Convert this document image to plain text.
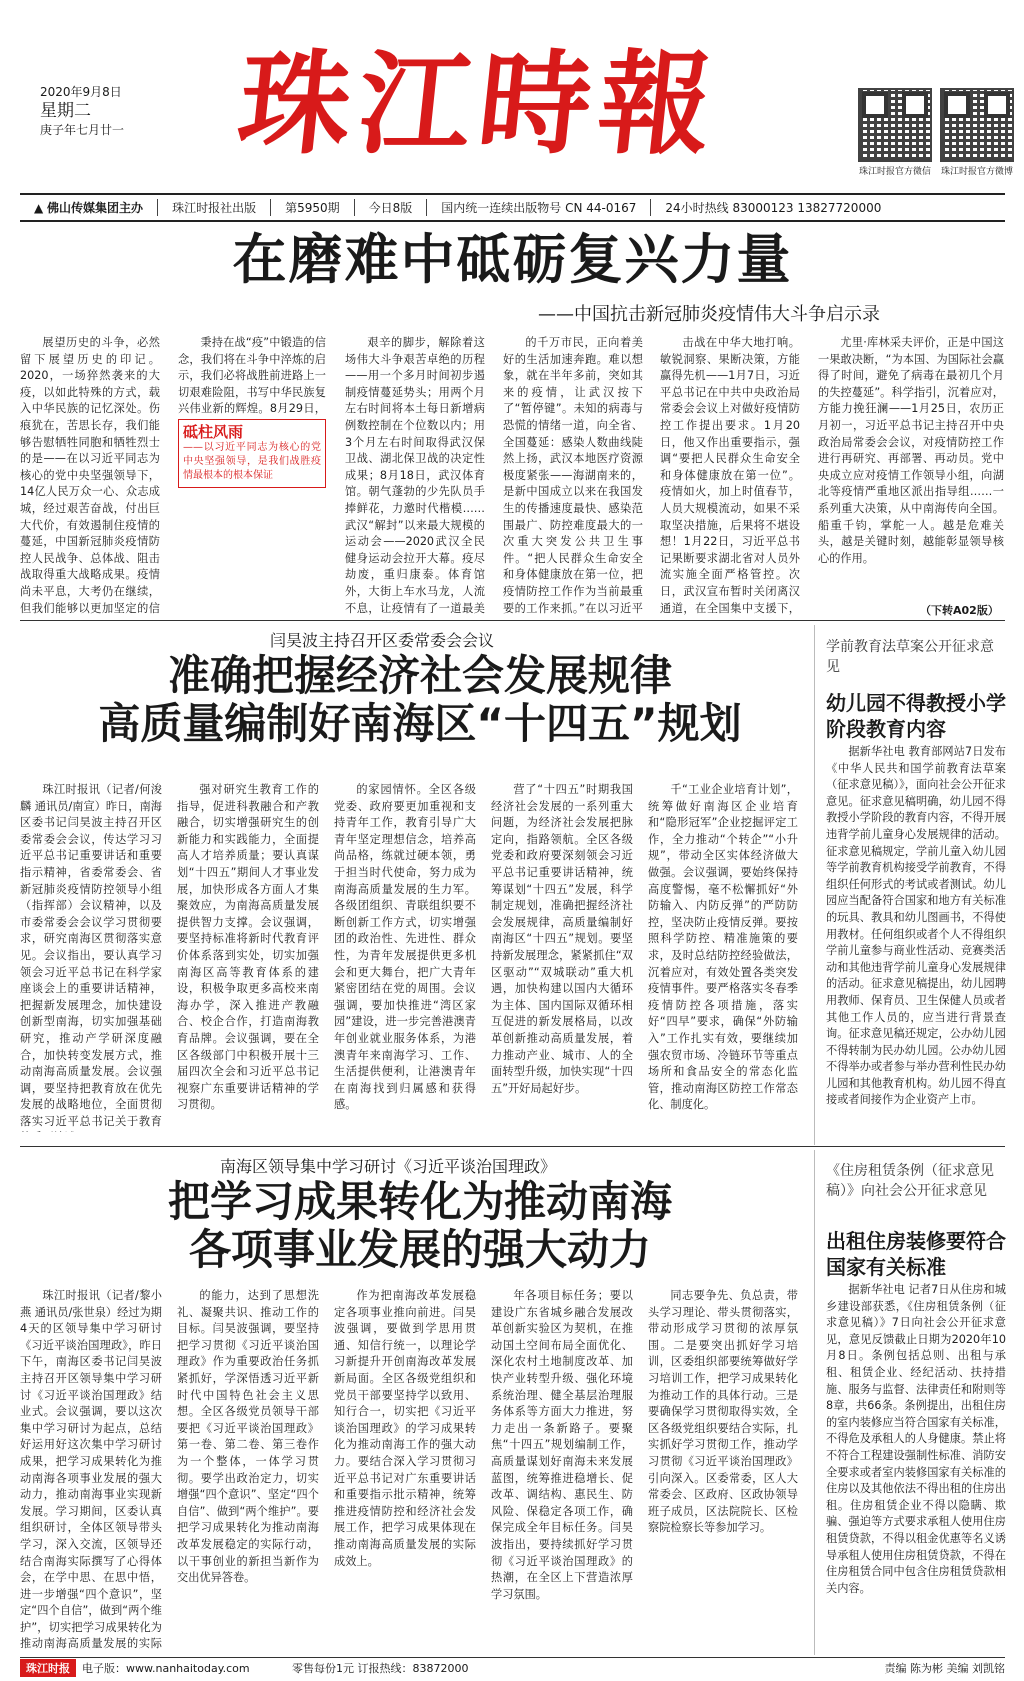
2020年9月8日
星期二
庚子年七月廿一 珠江時報
珠江时报官方微信	珠江时报官方微博
▲ 佛山传媒集团主办	珠江时报社出版	第5950期	今日8版	国内统一连续出版物号 CN 44-0167	24小时热线 83000123 13827720000
在磨难中砥砺复兴力量
——中国抗击新冠肺炎疫情伟大斗争启示录

展望历史的斗争，必然留下展望历史的印记。2020，一场猝然袭来的大疫，以如此特殊的方式，载入中华民族的记忆深处。伤痕犹在，苦思长存，我们能够告慰牺牲同胞和牺牲烈士的是——在以习近平同志为核心的党中央坚强领导下，14亿人民万众一心、众志成城，经过艰苦奋战，付出巨大代价，有效遏制住疫情的蔓延，中国新冠肺炎疫情防控人民战争、总体战、阻击战取得重大战略成果。疫情尚未平息，大考仍在继续，但我们能够以更加坚定的信

秉持在战“疫”中锻造的信念，我们将在斗争中淬炼的启示，我们必将战胜前进路上一切艰难险阻，书写中华民族复兴伟业新的辉煌。8月29日，

砥柱风雨
——以习近平同志为核心的党中央坚强领导，是我们战胜疫情最根本的根本保证

艰辛的脚步，解除着这场伟大斗争艰苦卓绝的历程——用一个多月时间初步遏制疫情蔓延势头；用两个月左右时间将本土每日新增病例数控制在个位数以内；用3个月左右时间取得武汉保卫战、湖北保卫战的决定性成果；8月18日，武汉体育馆。朝气蓬勃的少先队员手捧鲜花，力邀时代楷模……武汉“解封”以来最大规模的运动会——2020武汉全民健身运动会拉开大幕。疫尽劫废，重归康泰。体育馆外，大街上车水马龙，人流不息，让疫情有了一道最美

的千万市民，正向着美好的生活加速奔跑。难以想象，就在半年多前，突如其来的疫情，让武汉按下了“暂停键”。未知的病毒与恐慌的情绪一道，向全省、全国蔓延：感染人数曲线陡然上扬，武汉本地医疗资源极度紧张——海湖南来的，是新中国成立以来在我国发生的传播速度最快、感染范围最广、防控难度最大的一次重大突发公共卫生事件。“把人民群众生命安全和身体健康放在第一位，把疫情防控工作作为当前最重要的工作来抓。”在以习近平

击战在中华大地打响。敏锐洞察、果断决策，方能赢得先机——1月7日，习近平总书记在中共中央政治局常委会会议上对做好疫情防控工作提出要求。1月20日，他又作出重要指示，强调“要把人民群众生命安全和身体健康放在第一位”。疫情如火，加上时值春节，人员大规模流动，如果不采取坚决措施，后果将不堪设想！1月22日，习近平总书记果断要求湖北省对人员外流实施全面严格管控。次日，武汉宣布暂时关闭离汉通道，在全国集中支援下，

尤里·库林采夫评价，正是中国这一果敢决断，“为本国、为国际社会赢得了时间，避免了病毒在最初几个月的失控蔓延”。科学指引，沉着应对，方能力挽狂澜——1月25日，农历正月初一，习近平总书记主持召开中央政治局常委会会议，对疫情防控工作进行再研究、再部署、再动员。党中央成立应对疫情工作领导小组，向湖北等疫情严重地区派出指导组……一系列重大决策，从中南海传向全国。船重千钧，掌舵一人。越是危难关头，越是关键时刻，越能彰显领导核心的作用。

（下转A02版）
闫昊波主持召开区委常委会会议
准确把握经济社会发展规律
高质量编制好南海区“十四五”规划

珠江时报讯（记者/何浚麟 通讯员/南宣）昨日，南海区委书记闫昊波主持召开区委常委会会议，传达学习习近平总书记重要讲话和重要指示精神，省委常委会、省新冠肺炎疫情防控领导小组（指挥部）会议精神，以及市委常委会会议学习贯彻要求，研究南海区贯彻落实意见。会议指出，要认真学习领会习近平总书记在科学家座谈会上的重要讲话精神，把握新发展理念，加快建设创新型南海，切实加强基础研究，推动产学研深度融合，加快转变发展方式，推动南海高质量发展。会议强调，要坚持把教育放在优先发展的战略地位，全面贯彻落实习近平总书记关于教育

强对研究生教育工作的指导，促进科教融合和产教融合，切实增强研究生的创新能力和实践能力，全面提高人才培养质量；要认真谋划“十四五”期间人才事业发展，加快形成各方面人才集聚效应，为南海高质量发展提供智力支撑。会议强调，要坚持标准将新时代教育评价体系落到实处，切实加强南海区高等教育体系的建设，积极争取更多高校来南海办学，深入推进产教融合、校企合作，打造南海教育品牌。会议强调，要在全区各级部门中积极开展十三届四次全会和习近平总书记视察广东重要讲话精神的学习贯彻。

的家园情怀。全区各级党委、政府要更加重视和支持青年工作，教育引导广大青年坚定理想信念，培养高尚品格，练就过硬本领，勇于担当时代使命，努力成为南海高质量发展的生力军。各级团组织、青联组织要不断创新工作方式，切实增强团的政治性、先进性、群众性，为青年发展提供更多机会和更大舞台，把广大青年紧密团结在党的周围。会议强调，要加快推进“湾区家园”建设，进一步完善港澳青年创业就业服务体系，为港澳青年来南海学习、工作、生活提供便利，让港澳青年在南海找到归属感和获得感。

营了“十四五”时期我国经济社会发展的一系列重大问题，为经济社会发展把脉定向，指路领航。全区各级党委和政府要深刻领会习近平总书记重要讲话精神，统筹谋划“十四五”发展，科学制定规划，准确把握经济社会发展规律，高质量编制好南海区“十四五”规划。要坚持新发展理念，紧紧抓住“双区驱动”“双城联动”重大机遇，加快构建以国内大循环为主体、国内国际双循环相互促进的新发展格局，以改革创新推动高质量发展，着力推动产业、城市、人的全面转型升级，加快实现“十四五”开好局起好步。

千“工业企业培育计划”，统筹做好南海区企业培育和“隐形冠军”企业挖掘评定工作，全力推动“个转企”“小升规”，带动全区实体经济做大做强。会议强调，要始终保持高度警惕，毫不松懈抓好“外防输入、内防反弹”的严防防控，坚决防止疫情反弹。要按照科学防控、精准施策的要求，及时总结防控经验做法，沉着应对，有效处置各类突发疫情事件。要严格落实冬春季疫情防控各项措施，落实好“四早”要求，确保“外防输入”工作扎实有效，要继续加强农贸市场、冷链环节等重点场所和食品安全的常态化监管，推动南海区防控工作常态化、制度化。

学前教育法草案公开征求意见
幼儿园不得教授小学阶段教育内容

据新华社电 教育部网站7日发布《中华人民共和国学前教育法草案（征求意见稿）》，面向社会公开征求意见。征求意见稿明确，幼儿园不得教授小学阶段的教育内容，不得开展违背学前儿童身心发展规律的活动。征求意见稿规定，学前儿童入幼儿园等学前教育机构接受学前教育，不得组织任何形式的考试或者测试。幼儿园应当配备符合国家和地方有关标准的玩具、教具和幼儿图画书，不得使用教材。任何组织或者个人不得组织学前儿童参与商业性活动、竞赛类活动和其他违背学前儿童身心发展规律的活动。征求意见稿提出，幼儿园聘用教师、保育员、卫生保健人员或者其他工作人员的，应当进行背景查询。征求意见稿还规定，公办幼儿园不得转制为民办幼儿园。公办幼儿园不得举办或者参与举办营利性民办幼儿园和其他教育机构。幼儿园不得直接或者间接作为企业资产上市。

南海区领导集中学习研讨《习近平谈治国理政》
把学习成果转化为推动南海
各项事业发展的强大动力

珠江时报讯（记者/黎小燕 通讯员/张世泉）经过为期4天的区领导集中学习研讨《习近平谈治国理政》，昨日下午，南海区委书记闫昊波主持召开区领导集中学习研讨《习近平谈治国理政》结业式。会议强调，要以这次集中学习研讨为起点，总结好运用好这次集中学习研讨成果，把学习成果转化为推动南海各项事业发展的强大动力，推动南海事业实现新发展。学习期间，区委认真组织研讨，全体区领导带头学习，深入交流，区领导还结合南海实际撰写了心得体会，在学中思、在思中悟，进一步增强“四个意识”，坚定“四个自信”，做到“两个维护”，切实把学习成果转化为推动南海高质量发展的实际

的能力，达到了思想洗礼、凝聚共识、推动工作的目标。闫昊波强调，要坚持把学习贯彻《习近平谈治国理政》作为重要政治任务抓紧抓好，学深悟透习近平新时代中国特色社会主义思想。全区各级党员领导干部要把《习近平谈治国理政》第一卷、第二卷、第三卷作为一个整体，一体学习贯彻。要学出政治定力，切实增强“四个意识”、坚定“四个自信”、做到“两个维护”。要把学习成果转化为推动南海改革发展稳定的实际行动，以干事创业的新担当新作为交出优异答卷。

作为把南海改革发展稳定各项事业推向前进。闫昊波强调，要做到学思用贯通、知信行统一，以理论学习新提升开创南海改革发展新局面。全区各级党组织和党员干部要坚持学以致用、知行合一，切实把《习近平谈治国理政》的学习成果转化为推动南海工作的强大动力。要结合深入学习贯彻习近平总书记对广东重要讲话和重要指示批示精神，统筹推进疫情防控和经济社会发展工作，把学习成果体现在推动南海高质量发展的实际成效上。

年各项目标任务；要以建设广东省城乡融合发展改革创新实验区为契机，在推动国土空间布局全面优化、深化农村土地制度改革、加快产业转型升级、强化环境系统治理、健全基层治理服务体系等方面大力推进，努力走出一条新路子。要聚焦“十四五”规划编制工作，高质量谋划好南海未来发展蓝图，统筹推进稳增长、促改革、调结构、惠民生、防风险、保稳定各项工作，确保完成全年目标任务。闫昊波指出，要持续抓好学习贯彻《习近平谈治国理政》的热潮，在全区上下营造浓厚学习氛围。

同志要争先、负总责，带头学习理论、带头贯彻落实，带动形成学习贯彻的浓厚氛围。二是要突出抓好学习培训，区委组织部要统筹做好学习培训工作，把学习成果转化为推动工作的具体行动。三是要确保学习贯彻取得实效，全区各级党组织要结合实际，扎实抓好学习贯彻工作，推动学习贯彻《习近平谈治国理政》引向深入。区委常委，区人大常委会、区政府、区政协领导班子成员，区法院院长、区检察院检察长等参加学习。

《住房租赁条例（征求意见稿）》向社会公开征求意见
出租住房装修要符合国家有关标准

据新华社电 记者7日从住房和城乡建设部获悉，《住房租赁条例（征求意见稿）》7日向社会公开征求意见，意见反馈截止日期为2020年10月8日。条例包括总则、出租与承租、租赁企业、经纪活动、扶持措施、服务与监督、法律责任和附则等8章，共66条。条例提出，出租住房的室内装修应当符合国家有关标准，不得危及承租人的人身健康。禁止将不符合工程建设强制性标准、消防安全要求或者室内装修国家有关标准的住房以及其他依法不得出租的住房出租。住房租赁企业不得以隐瞒、欺骗、强迫等方式要求承租人使用住房租赁贷款，不得以租金优惠等名义诱导承租人使用住房租赁贷款，不得在住房租赁合同中包含住房租赁贷款相关内容。

珠江时报	电子版：www.nanhaitoday.com	零售每份1元 订报热线：83872000	责编 陈为彬 美编 刘凯铭
